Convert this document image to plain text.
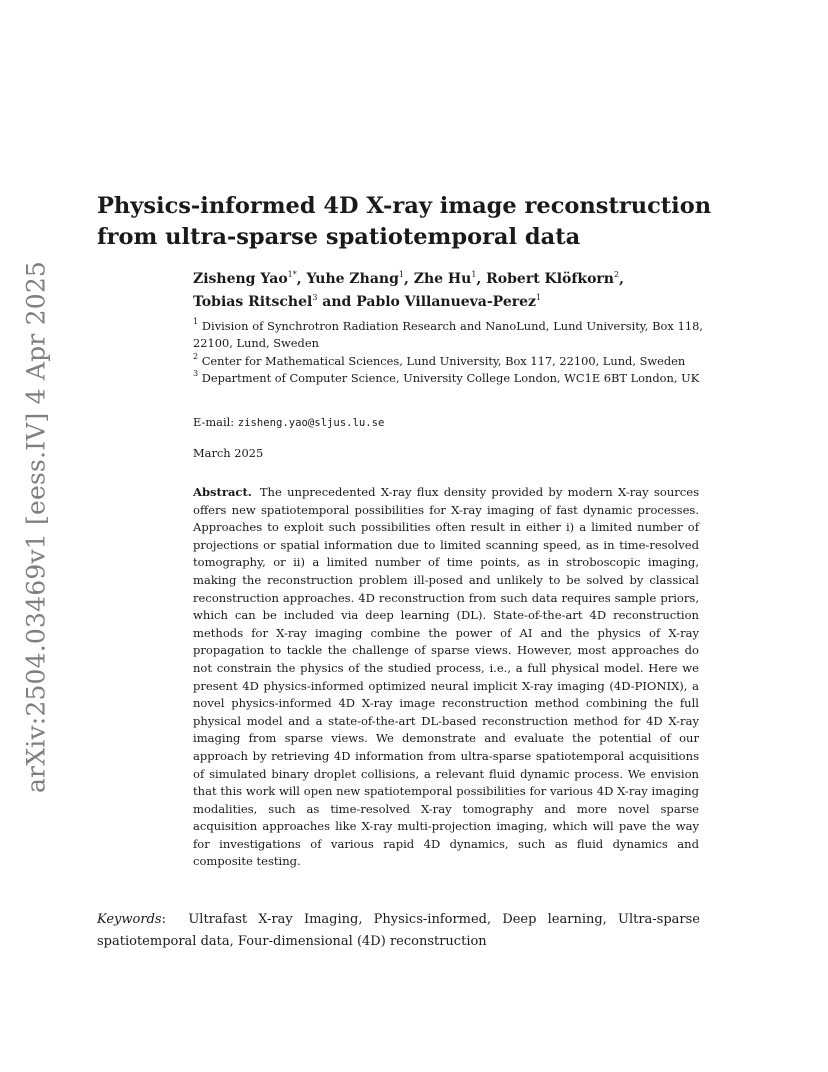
arXiv:2504.03469v1 [eess.IV] 4 Apr 2025
Physics-informed 4D X-ray image reconstruction from ultra-sparse spatiotemporal data
Zisheng Yao$^{1*}$, Yuhe Zhang$^1$, Zhe Hu$^1$, Robert Klöfkorn$^2$,
Tobias Ritschel$^3$ and Pablo Villanueva-Perez$^1$

$^1$ Division of Synchrotron Radiation Research and NanoLund, Lund University, Box 118, 22100, Lund, Sweden

$^2$ Center for Mathematical Sciences, Lund University, Box 117, 22100, Lund, Sweden

$^3$ Department of Computer Science, University College London, WC1E 6BT London, UK

E-mail: zisheng.yao@sljus.lu.se
March 2025

Abstract. The unprecedented X-ray flux density provided by modern X-ray sources offers new spatiotemporal possibilities for X-ray imaging of fast dynamic processes. Approaches to exploit such possibilities often result in either i) a limited number of projections or spatial information due to limited scanning speed, as in time-resolved tomography, or ii) a limited number of time points, as in stroboscopic imaging, making the reconstruction problem ill-posed and unlikely to be solved by classical reconstruction approaches. 4D reconstruction from such data requires sample priors, which can be included via deep learning (DL). State-of-the-art 4D reconstruction methods for X-ray imaging combine the power of AI and the physics of X-ray propagation to tackle the challenge of sparse views. However, most approaches do not constrain the physics of the studied process, i.e., a full physical model. Here we present 4D physics-informed optimized neural implicit X-ray imaging (4D-PIONIX), a novel physics-informed 4D X-ray image reconstruction method combining the full physical model and a state-of-the-art DL-based reconstruction method for 4D X-ray imaging from sparse views. We demonstrate and evaluate the potential of our approach by retrieving 4D information from ultra-sparse spatiotemporal acquisitions of simulated binary droplet collisions, a relevant fluid dynamic process. We envision that this work will open new spatiotemporal possibilities for various 4D X-ray imaging modalities, such as time-resolved X-ray tomography and more novel sparse acquisition approaches like X-ray multi-projection imaging, which will pave the way for investigations of various rapid 4D dynamics, such as fluid dynamics and composite testing.

Keywords: Ultrafast X-ray Imaging, Physics-informed, Deep learning, Ultra-sparse spatiotemporal data, Four-dimensional (4D) reconstruction
